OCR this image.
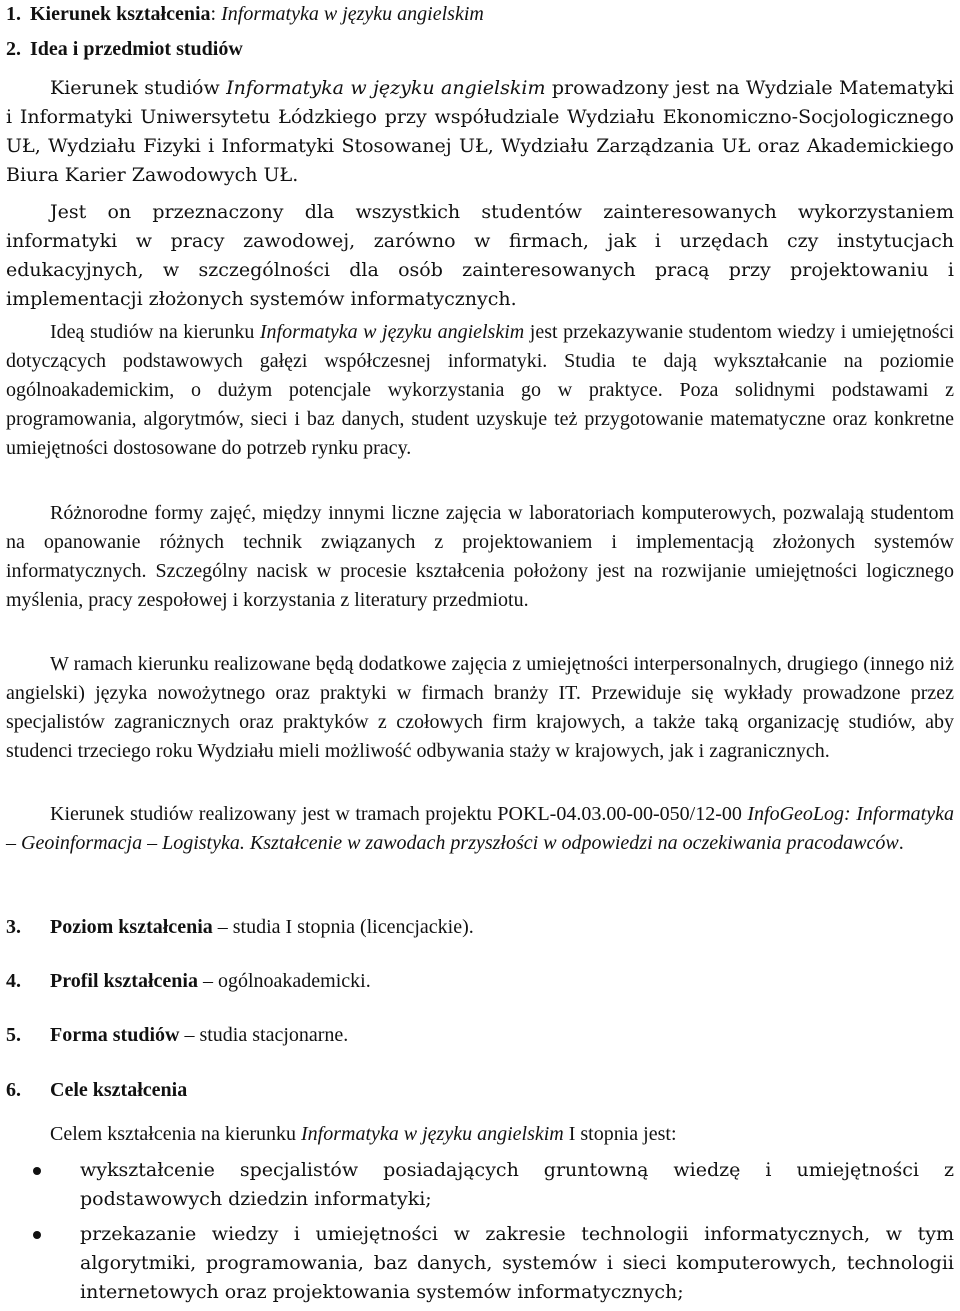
1. Kierunek kształcenia: Informatyka w języku angielskim

2. Idea i przedmiot studiów

Kierunek studiów Informatyka w języku angielskim prowadzony jest na Wydziale Matematyki i Informatyki Uniwersytetu Łódzkiego przy współudziale Wydziału Ekonomiczno-Socjologicznego UŁ, Wydziału Fizyki i Informatyki Stosowanej UŁ, Wydziału Zarządzania UŁ oraz Akademickiego Biura Karier Zawodowych UŁ.

Jest on przeznaczony dla wszystkich studentów zainteresowanych wykorzystaniem informatyki w pracy zawodowej, zarówno w firmach, jak i urzędach czy instytucjach edukacyjnych, w szczególności dla osób zainteresowanych pracą przy projektowaniu i implementacji złożonych systemów informatycznych.

Ideą studiów na kierunku Informatyka w języku angielskim jest przekazywanie studentom wiedzy i umiejętności dotyczących podstawowych gałęzi współczesnej informatyki. Studia te dają wykształcanie na poziomie ogólnoakademickim, o dużym potencjale wykorzystania go w praktyce. Poza solidnymi podstawami z programowania, algorytmów, sieci i baz danych, student uzyskuje też przygotowanie matematyczne oraz konkretne umiejętności dostosowane do potrzeb rynku pracy.

Różnorodne formy zajęć, między innymi liczne zajęcia w laboratoriach komputerowych, pozwalają studentom na opanowanie różnych technik związanych z projektowaniem i implementacją złożonych systemów informatycznych. Szczególny nacisk w procesie kształcenia położony jest na rozwijanie umiejętności logicznego myślenia, pracy zespołowej i korzystania z literatury przedmiotu.

W ramach kierunku realizowane będą dodatkowe zajęcia z umiejętności interpersonalnych, drugiego (innego niż angielski) języka nowożytnego oraz praktyki w firmach branży IT. Przewiduje się wykłady prowadzone przez specjalistów zagranicznych oraz praktyków z czołowych firm krajowych, a także taką organizację studiów, aby studenci trzeciego roku Wydziału mieli możliwość odbywania staży w krajowych, jak i zagranicznych.

Kierunek studiów realizowany jest w tramach projektu POKL-04.03.00-00-050/12-00 InfoGeoLog: Informatyka – Geoinformacja – Logistyka. Kształcenie w zawodach przyszłości w odpowiedzi na oczekiwania pracodawców.

3. Poziom kształcenia – studia I stopnia (licencjackie).

4. Profil kształcenia – ogólnoakademicki.

5. Forma studiów – studia stacjonarne.

6. Cele kształcenia

Celem kształcenia na kierunku Informatyka w języku angielskim I stopnia jest:

wykształcenie specjalistów posiadających gruntowną wiedzę i umiejętności z podstawowych dziedzin informatyki;
przekazanie wiedzy i umiejętności w zakresie technologii informatycznych, w tym algorytmiki, programowania, baz danych, systemów i sieci komputerowych, technologii internetowych oraz projektowania systemów informatycznych;
